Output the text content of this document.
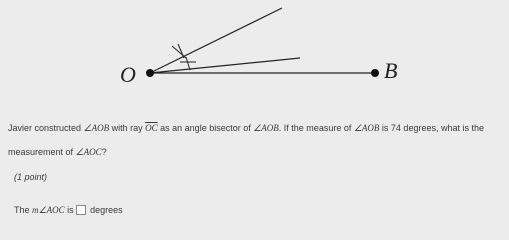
O	B
Javier constructed ∠AOB with ray $\overline{OC}$ as an angle bisector of ∠AOB. If the measure of ∠AOB is 74 degrees, what is the
measurement of ∠AOC?
(1 point)
The m∠AOC is degrees
